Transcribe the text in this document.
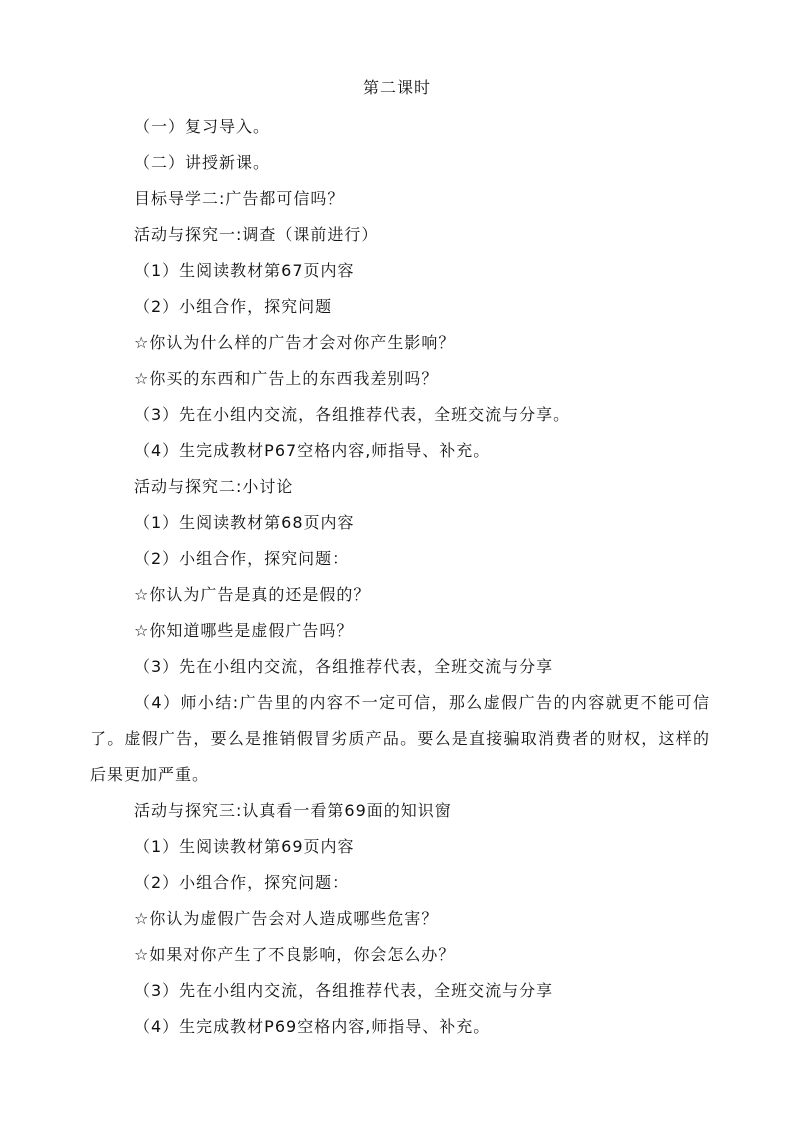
第二课时
（一）复习导入。
（二）讲授新课。
目标导学二:广告都可信吗？
活动与探究一:调查（课前进行）
（1）生阅读教材第67页内容
（2）小组合作，探究问题
☆你认为什么样的广告才会对你产生影响？
☆你买的东西和广告上的东西我差别吗？
（3）先在小组内交流，各组推荐代表，全班交流与分享。
（4）生完成教材P67空格内容,师指导、补充。
活动与探究二:小讨论
（1）生阅读教材第68页内容
（2）小组合作，探究问题：
☆你认为广告是真的还是假的？
☆你知道哪些是虚假广告吗？
（3）先在小组内交流，各组推荐代表，全班交流与分享
（4）师小结:广告里的内容不一定可信，那么虚假广告的内容就更不能可信了。虚假广告，要么是推销假冒劣质产品。要么是直接骗取消费者的财权，这样的后果更加严重。
活动与探究三:认真看一看第69面的知识窗
（1）生阅读教材第69页内容
（2）小组合作，探究问题：
☆你认为虚假广告会对人造成哪些危害？
☆如果对你产生了不良影响，你会怎么办？
（3）先在小组内交流，各组推荐代表，全班交流与分享
（4）生完成教材P69空格内容,师指导、补充。
